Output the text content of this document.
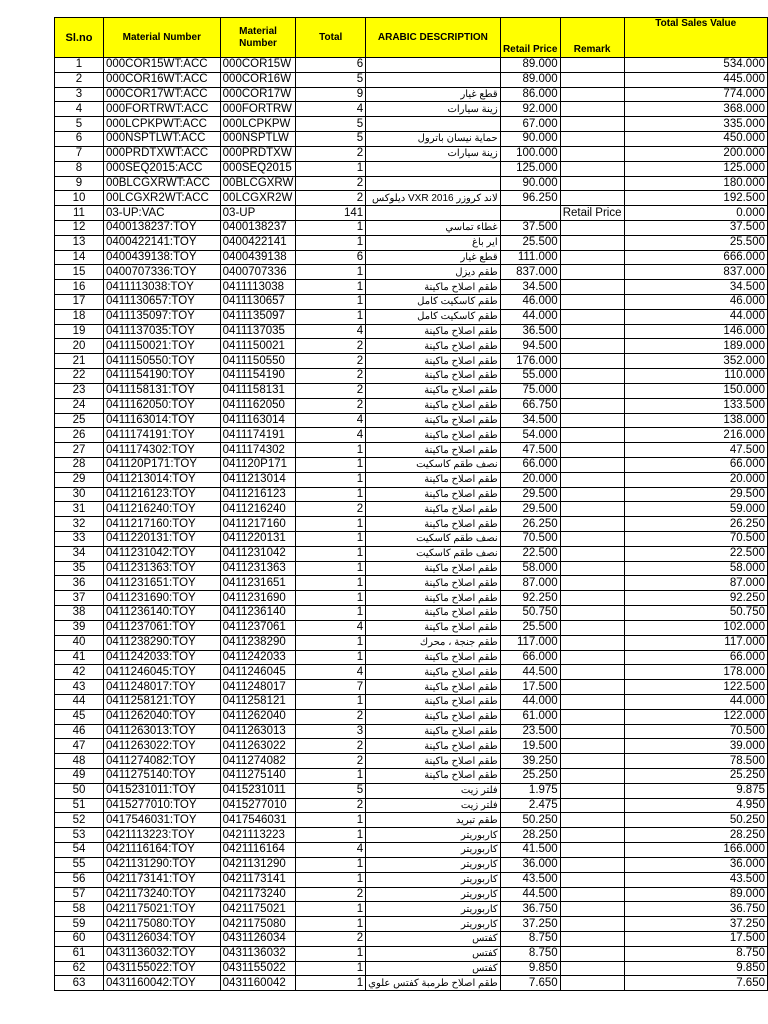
Sl.no	Material Number	Material Number	Total	ARABIC DESCRIPTION	Retail Price	Remark	Total Sales Value
1	000COR15WT:ACC	000COR15W	6		89.000		534.000
2	000COR16WT:ACC	000COR16W	5		89.000		445.000
3	000COR17WT:ACC	000COR17W	9	قطع غيار	86.000		774.000
4	000FORTRWT:ACC	000FORTRW	4	زينة سيارات	92.000		368.000
5	000LCPKPWT:ACC	000LCPKPW	5		67.000		335.000
6	000NSPTLWT:ACC	000NSPTLW	5	حماية نيسان باترول	90.000		450.000
7	000PRDTXWT:ACC	000PRDTXW	2	زينة سيارات	100.000		200.000
8	000SEQ2015:ACC	000SEQ2015	1		125.000		125.000
9	00BLCGXRWT:ACC	00BLCGXRW	2		90.000		180.000
10	00LCGXR2WT:ACC	00LCGXR2W	2	لاند كروزر VXR 2016 ديلوكس	96.250		192.500
11	03-UP:VAC	03-UP	141			Retail Price	0.000
12	0400138237:TOY	0400138237	1	غطاء تماسي	37.500		37.500
13	0400422141:TOY	0400422141	1	اير باغ	25.500		25.500
14	0400439138:TOY	0400439138	6	قطع غيار	111.000		666.000
15	0400707336:TOY	0400707336	1	طقم ديزل	837.000		837.000
16	0411113038:TOY	0411113038	1	طقم اصلاح ماكينة	34.500		34.500
17	0411130657:TOY	0411130657	1	طقم كاسكيت كامل	46.000		46.000
18	0411135097:TOY	0411135097	1	طقم كاسكيت كامل	44.000		44.000
19	0411137035:TOY	0411137035	4	طقم اصلاح ماكينة	36.500		146.000
20	0411150021:TOY	0411150021	2	طقم اصلاح ماكينة	94.500		189.000
21	0411150550:TOY	0411150550	2	طقم اصلاح ماكينة	176.000		352.000
22	0411154190:TOY	0411154190	2	طقم اصلاح ماكينة	55.000		110.000
23	0411158131:TOY	0411158131	2	طقم اصلاح ماكينة	75.000		150.000
24	0411162050:TOY	0411162050	2	طقم اصلاح ماكينة	66.750		133.500
25	0411163014:TOY	0411163014	4	طقم اصلاح ماكينة	34.500		138.000
26	0411174191:TOY	0411174191	4	طقم اصلاح ماكينة	54.000		216.000
27	0411174302:TOY	0411174302	1	طقم اصلاح ماكينة	47.500		47.500
28	041120P171:TOY	041120P171	1	نصف طقم كاسكيت	66.000		66.000
29	0411213014:TOY	0411213014	1	طقم اصلاح ماكينة	20.000		20.000
30	0411216123:TOY	0411216123	1	طقم اصلاح ماكينة	29.500		29.500
31	0411216240:TOY	0411216240	2	طقم اصلاح ماكينة	29.500		59.000
32	0411217160:TOY	0411217160	1	طقم اصلاح ماكينة	26.250		26.250
33	0411220131:TOY	0411220131	1	نصف طقم كاسكيت	70.500		70.500
34	0411231042:TOY	0411231042	1	نصف طقم كاسكيت	22.500		22.500
35	0411231363:TOY	0411231363	1	طقم اصلاح ماكينة	58.000		58.000
36	0411231651:TOY	0411231651	1	طقم اصلاح ماكينة	87.000		87.000
37	0411231690:TOY	0411231690	1	طقم اصلاح ماكينة	92.250		92.250
38	0411236140:TOY	0411236140	1	طقم اصلاح ماكينة	50.750		50.750
39	0411237061:TOY	0411237061	4	طقم اصلاح ماكينة	25.500		102.000
40	0411238290:TOY	0411238290	1	طقم جنجة ، محرك	117.000		117.000
41	0411242033:TOY	0411242033	1	طقم اصلاح ماكينة	66.000		66.000
42	0411246045:TOY	0411246045	4	طقم اصلاح ماكينة	44.500		178.000
43	0411248017:TOY	0411248017	7	طقم اصلاح ماكينة	17.500		122.500
44	0411258121:TOY	0411258121	1	طقم اصلاح ماكينة	44.000		44.000
45	0411262040:TOY	0411262040	2	طقم اصلاح ماكينة	61.000		122.000
46	0411263013:TOY	0411263013	3	طقم اصلاح ماكينة	23.500		70.500
47	0411263022:TOY	0411263022	2	طقم اصلاح ماكينة	19.500		39.000
48	0411274082:TOY	0411274082	2	طقم اصلاح ماكينة	39.250		78.500
49	0411275140:TOY	0411275140	1	طقم اصلاح ماكينة	25.250		25.250
50	0415231011:TOY	0415231011	5	فلتر زيت	1.975		9.875
51	0415277010:TOY	0415277010	2	فلتر زيت	2.475		4.950
52	0417546031:TOY	0417546031	1	طقم تبريد	50.250		50.250
53	0421113223:TOY	0421113223	1	كاربوريتر	28.250		28.250
54	0421116164:TOY	0421116164	4	كاربوريتر	41.500		166.000
55	0421131290:TOY	0421131290	1	كاربوريتر	36.000		36.000
56	0421173141:TOY	0421173141	1	كاربوريتر	43.500		43.500
57	0421173240:TOY	0421173240	2	كاربوريتر	44.500		89.000
58	0421175021:TOY	0421175021	1	كاربوريتر	36.750		36.750
59	0421175080:TOY	0421175080	1	كاربوريتر	37.250		37.250
60	0431126034:TOY	0431126034	2	كفتس	8.750		17.500
61	0431136032:TOY	0431136032	1	كفتس	8.750		8.750
62	0431155022:TOY	0431155022	1	كفتس	9.850		9.850
63	0431160042:TOY	0431160042	1	طقم اصلاح طرمبة كفتس علوي	7.650		7.650
